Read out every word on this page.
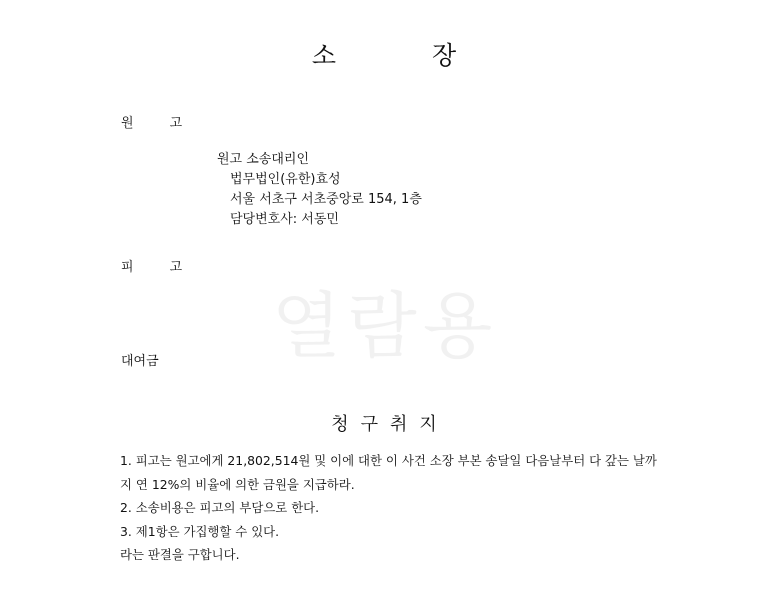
열람용
소 장
원	고
원고 소송대리인
법무법인(유한)효성
서울 서초구 서초중앙로 154, 1층
담당변호사: 서동민
피	고
대여금
청구취지

1. 피고는 원고에게 21,802,514원 및 이에 대한 이 사건 소장 부본 송달일 다음날부터 다 갚는 날까

지 연 12%의 비율에 의한 금원을 지급하라.

2. 소송비용은 피고의 부담으로 한다.

3. 제1항은 가집행할 수 있다.

라는 판결을 구합니다.
